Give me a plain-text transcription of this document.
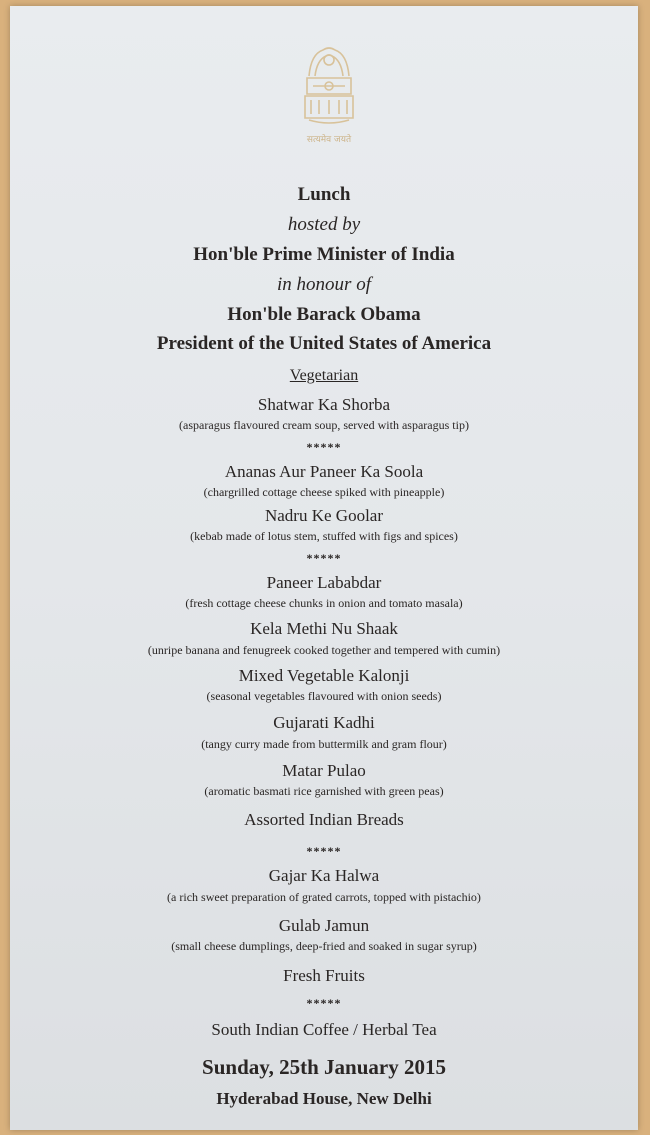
सत्यमेव जयते
Lunch
hosted by
Hon'ble Prime Minister of India
in honour of
Hon'ble Barack Obama
President of the United States of America
Vegetarian
Shatwar Ka Shorba
(asparagus flavoured cream soup, served with asparagus tip)
*****
Ananas Aur Paneer Ka Soola
(chargrilled cottage cheese spiked with pineapple)
Nadru Ke Goolar
(kebab made of lotus stem, stuffed with figs and spices)
*****
Paneer Lababdar
(fresh cottage cheese chunks in onion and tomato masala)
Kela Methi Nu Shaak
(unripe banana and fenugreek cooked together and tempered with cumin)
Mixed Vegetable Kalonji
(seasonal vegetables flavoured with onion seeds)
Gujarati Kadhi
(tangy curry made from buttermilk and gram flour)
Matar Pulao
(aromatic basmati rice garnished with green peas)
Assorted Indian Breads
*****
Gajar Ka Halwa
(a rich sweet preparation of grated carrots, topped with pistachio)
Gulab Jamun
(small cheese dumplings, deep-fried and soaked in sugar syrup)
Fresh Fruits
*****
South Indian Coffee / Herbal Tea
Sunday, 25th January 2015
Hyderabad House, New Delhi
